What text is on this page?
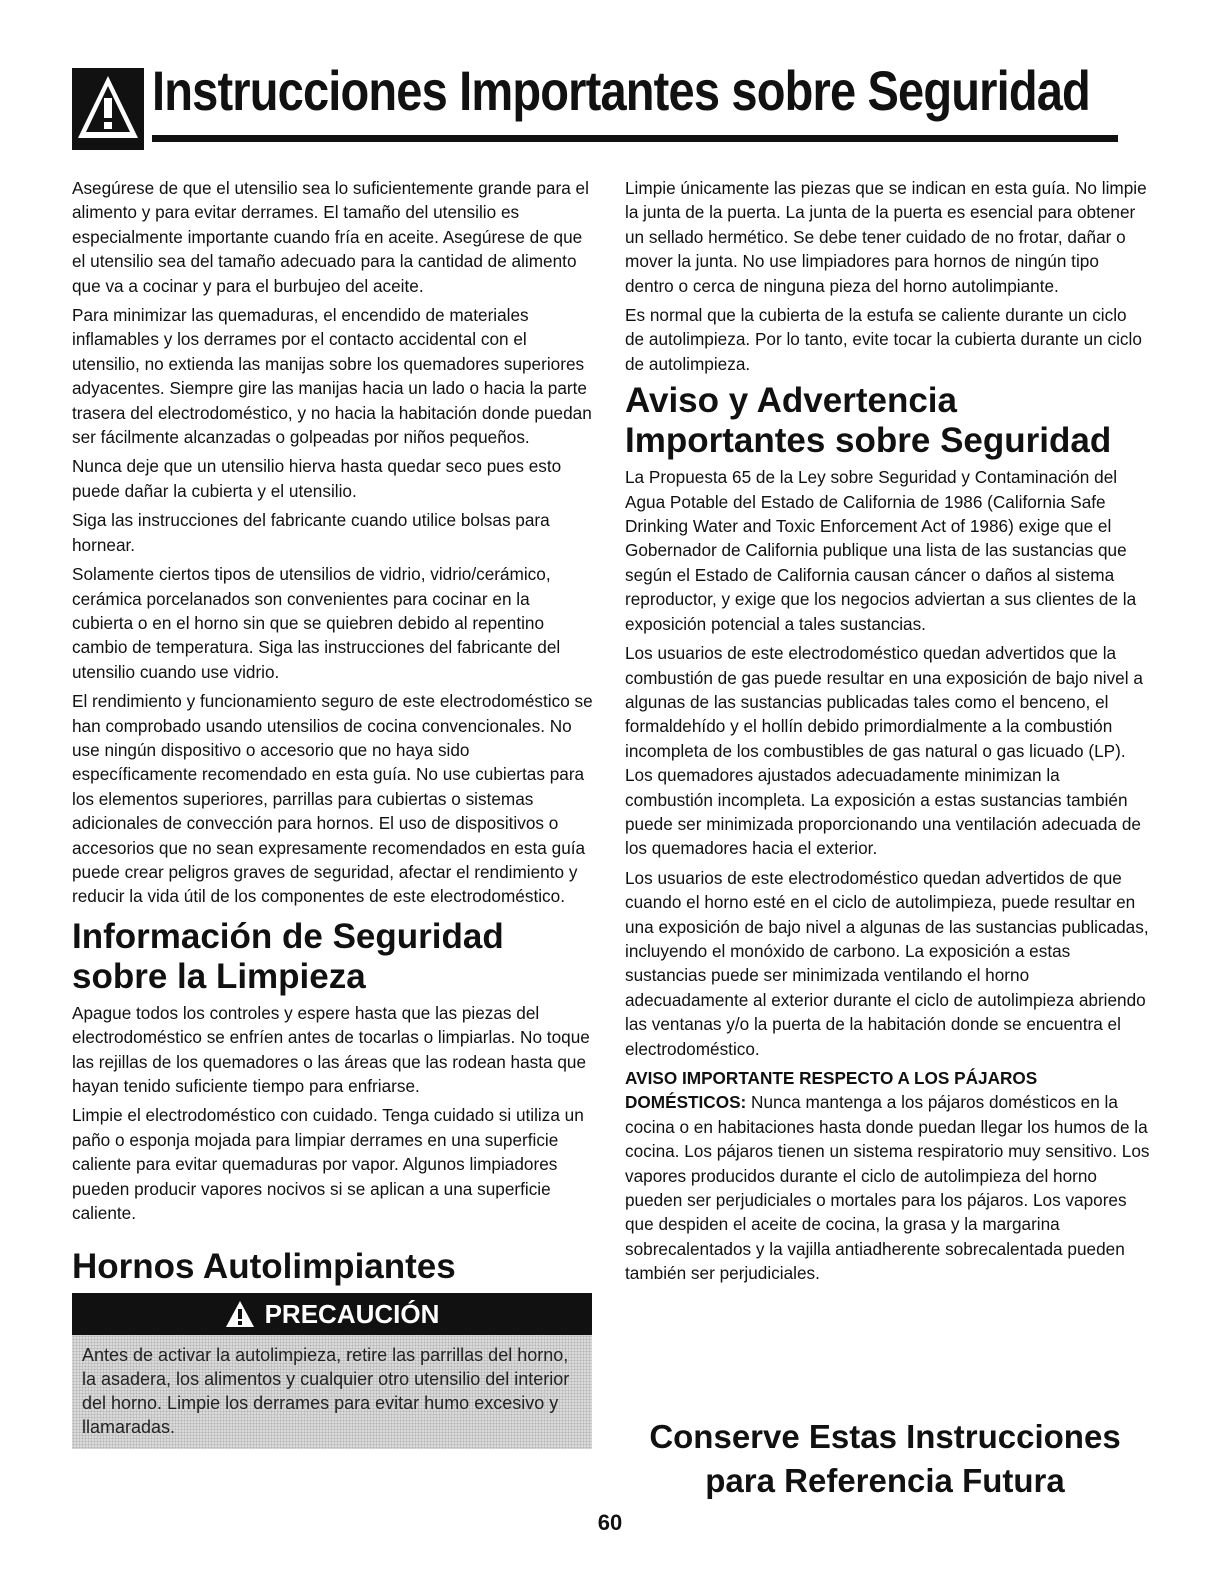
Instrucciones Importantes sobre Seguridad

Asegúrese de que el utensilio sea lo suficientemente grande para el alimento y para evitar derrames. El tamaño del utensilio es especialmente importante cuando fría en aceite. Asegúrese de que el utensilio sea del tamaño adecuado para la cantidad de alimento que va a cocinar y para el burbujeo del aceite.

Para minimizar las quemaduras, el encendido de materiales inflamables y los derrames por el contacto accidental con el utensilio, no extienda las manijas sobre los quemadores superiores adyacentes. Siempre gire las manijas hacia un lado o hacia la parte trasera del electrodoméstico, y no hacia la habitación donde puedan ser fácilmente alcanzadas o golpeadas por niños pequeños.

Nunca deje que un utensilio hierva hasta quedar seco pues esto puede dañar la cubierta y el utensilio.

Siga las instrucciones del fabricante cuando utilice bolsas para hornear.

Solamente ciertos tipos de utensilios de vidrio, vidrio/cerámico, cerámica porcelanados son convenientes para cocinar en la cubierta o en el horno sin que se quiebren debido al repentino cambio de temperatura. Siga las instrucciones del fabricante del utensilio cuando use vidrio.

El rendimiento y funcionamiento seguro de este electrodoméstico se han comprobado usando utensilios de cocina convencionales. No use ningún dispositivo o accesorio que no haya sido específicamente recomendado en esta guía. No use cubiertas para los elementos superiores, parrillas para cubiertas o sistemas adicionales de convección para hornos. El uso de dispositivos o accesorios que no sean expresamente recomendados en esta guía puede crear peligros graves de seguridad, afectar el rendimiento y reducir la vida útil de los componentes de este electrodoméstico.

Información de Seguridad sobre la Limpieza

Apague todos los controles y espere hasta que las piezas del electrodoméstico se enfríen antes de tocarlas o limpiarlas. No toque las rejillas de los quemadores o las áreas que las rodean hasta que hayan tenido suficiente tiempo para enfriarse.

Limpie el electrodoméstico con cuidado. Tenga cuidado si utiliza un paño o esponja mojada para limpiar derrames en una superficie caliente para evitar quemaduras por vapor. Algunos limpiadores pueden producir vapores nocivos si se aplican a una superficie caliente.

Hornos Autolimpiantes
PRECAUCIÓN
Antes de activar la autolimpieza, retire las parrillas del horno, la asadera, los alimentos y cualquier otro utensilio del interior del horno. Limpie los derrames para evitar humo excesivo y llamaradas.

Limpie únicamente las piezas que se indican en esta guía. No limpie la junta de la puerta. La junta de la puerta es esencial para obtener un sellado hermético. Se debe tener cuidado de no frotar, dañar o mover la junta. No use limpiadores para hornos de ningún tipo dentro o cerca de ninguna pieza del horno autolimpiante.

Es normal que la cubierta de la estufa se caliente durante un ciclo de autolimpieza. Por lo tanto, evite tocar la cubierta durante un ciclo de autolimpieza.

Aviso y Advertencia Importantes sobre Seguridad

La Propuesta 65 de la Ley sobre Seguridad y Contaminación del Agua Potable del Estado de California de 1986 (California Safe Drinking Water and Toxic Enforcement Act of 1986) exige que el Gobernador de California publique una lista de las sustancias que según el Estado de California causan cáncer o daños al sistema reproductor, y exige que los negocios adviertan a sus clientes de la exposición potencial a tales sustancias.

Los usuarios de este electrodoméstico quedan advertidos que la combustión de gas puede resultar en una exposición de bajo nivel a algunas de las sustancias publicadas tales como el benceno, el formaldehído y el hollín debido primordialmente a la combustión incompleta de los combustibles de gas natural o gas licuado (LP). Los quemadores ajustados adecuadamente minimizan la combustión incompleta. La exposición a estas sustancias también puede ser minimizada proporcionando una ventilación adecuada de los quemadores hacia el exterior.

Los usuarios de este electrodoméstico quedan advertidos de que cuando el horno esté en el ciclo de autolimpieza, puede resultar en una exposición de bajo nivel a algunas de las sustancias publicadas, incluyendo el monóxido de carbono. La exposición a estas sustancias puede ser minimizada ventilando el horno adecuadamente al exterior durante el ciclo de autolimpieza abriendo las ventanas y/o la puerta de la habitación donde se encuentra el electrodoméstico.

AVISO IMPORTANTE RESPECTO A LOS PÁJAROS DOMÉSTICOS: Nunca mantenga a los pájaros domésticos en la cocina o en habitaciones hasta donde puedan llegar los humos de la cocina. Los pájaros tienen un sistema respiratorio muy sensitivo. Los vapores producidos durante el ciclo de autolimpieza del horno pueden ser perjudiciales o mortales para los pájaros. Los vapores que despiden el aceite de cocina, la grasa y la margarina sobrecalentados y la vajilla antiadherente sobrecalentada pueden también ser perjudiciales.

Conserve Estas Instrucciones
para Referencia Futura
60
